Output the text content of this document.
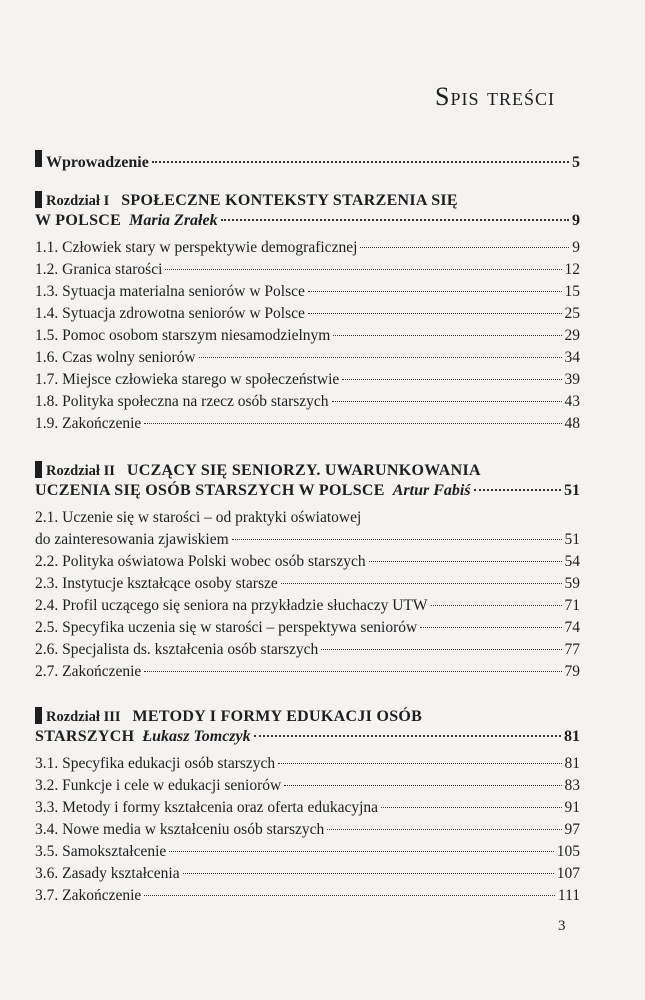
Spis treści
Wprowadzenie	5
Rozdział I SPOŁECZNE KONTEKSTY STARZENIA SIĘ
W POLSCE
Maria Zrałek	9
1.1. Człowiek stary w perspektywie demograficznej	9
1.2. Granica starości	12
1.3. Sytuacja materialna seniorów w Polsce	15
1.4. Sytuacja zdrowotna seniorów w Polsce	25
1.5. Pomoc osobom starszym niesamodzielnym	29
1.6. Czas wolny seniorów	34
1.7. Miejsce człowieka starego w społeczeństwie	39
1.8. Polityka społeczna na rzecz osób starszych	43
1.9. Zakończenie	48
Rozdział II UCZĄCY SIĘ SENIORZY. UWARUNKOWANIA
UCZENIA SIĘ OSÓB STARSZYCH W POLSCE
Artur Fabiś	51
2.1. Uczenie się w starości – od praktyki oświatowej
do zainteresowania zjawiskiem	51
2.2. Polityka oświatowa Polski wobec osób starszych	54
2.3. Instytucje kształcące osoby starsze	59
2.4. Profil uczącego się seniora na przykładzie słuchaczy UTW	71
2.5. Specyfika uczenia się w starości – perspektywa seniorów	74
2.6. Specjalista ds. kształcenia osób starszych	77
2.7. Zakończenie	79
Rozdział III METODY I FORMY EDUKACJI OSÓB
STARSZYCH
Łukasz Tomczyk	81
3.1. Specyfika edukacji osób starszych	81
3.2. Funkcje i cele w edukacji seniorów	83
3.3. Metody i formy kształcenia oraz oferta edukacyjna	91
3.4. Nowe media w kształceniu osób starszych	97
3.5. Samokształcenie	105
3.6. Zasady kształcenia	107
3.7. Zakończenie	111
3
